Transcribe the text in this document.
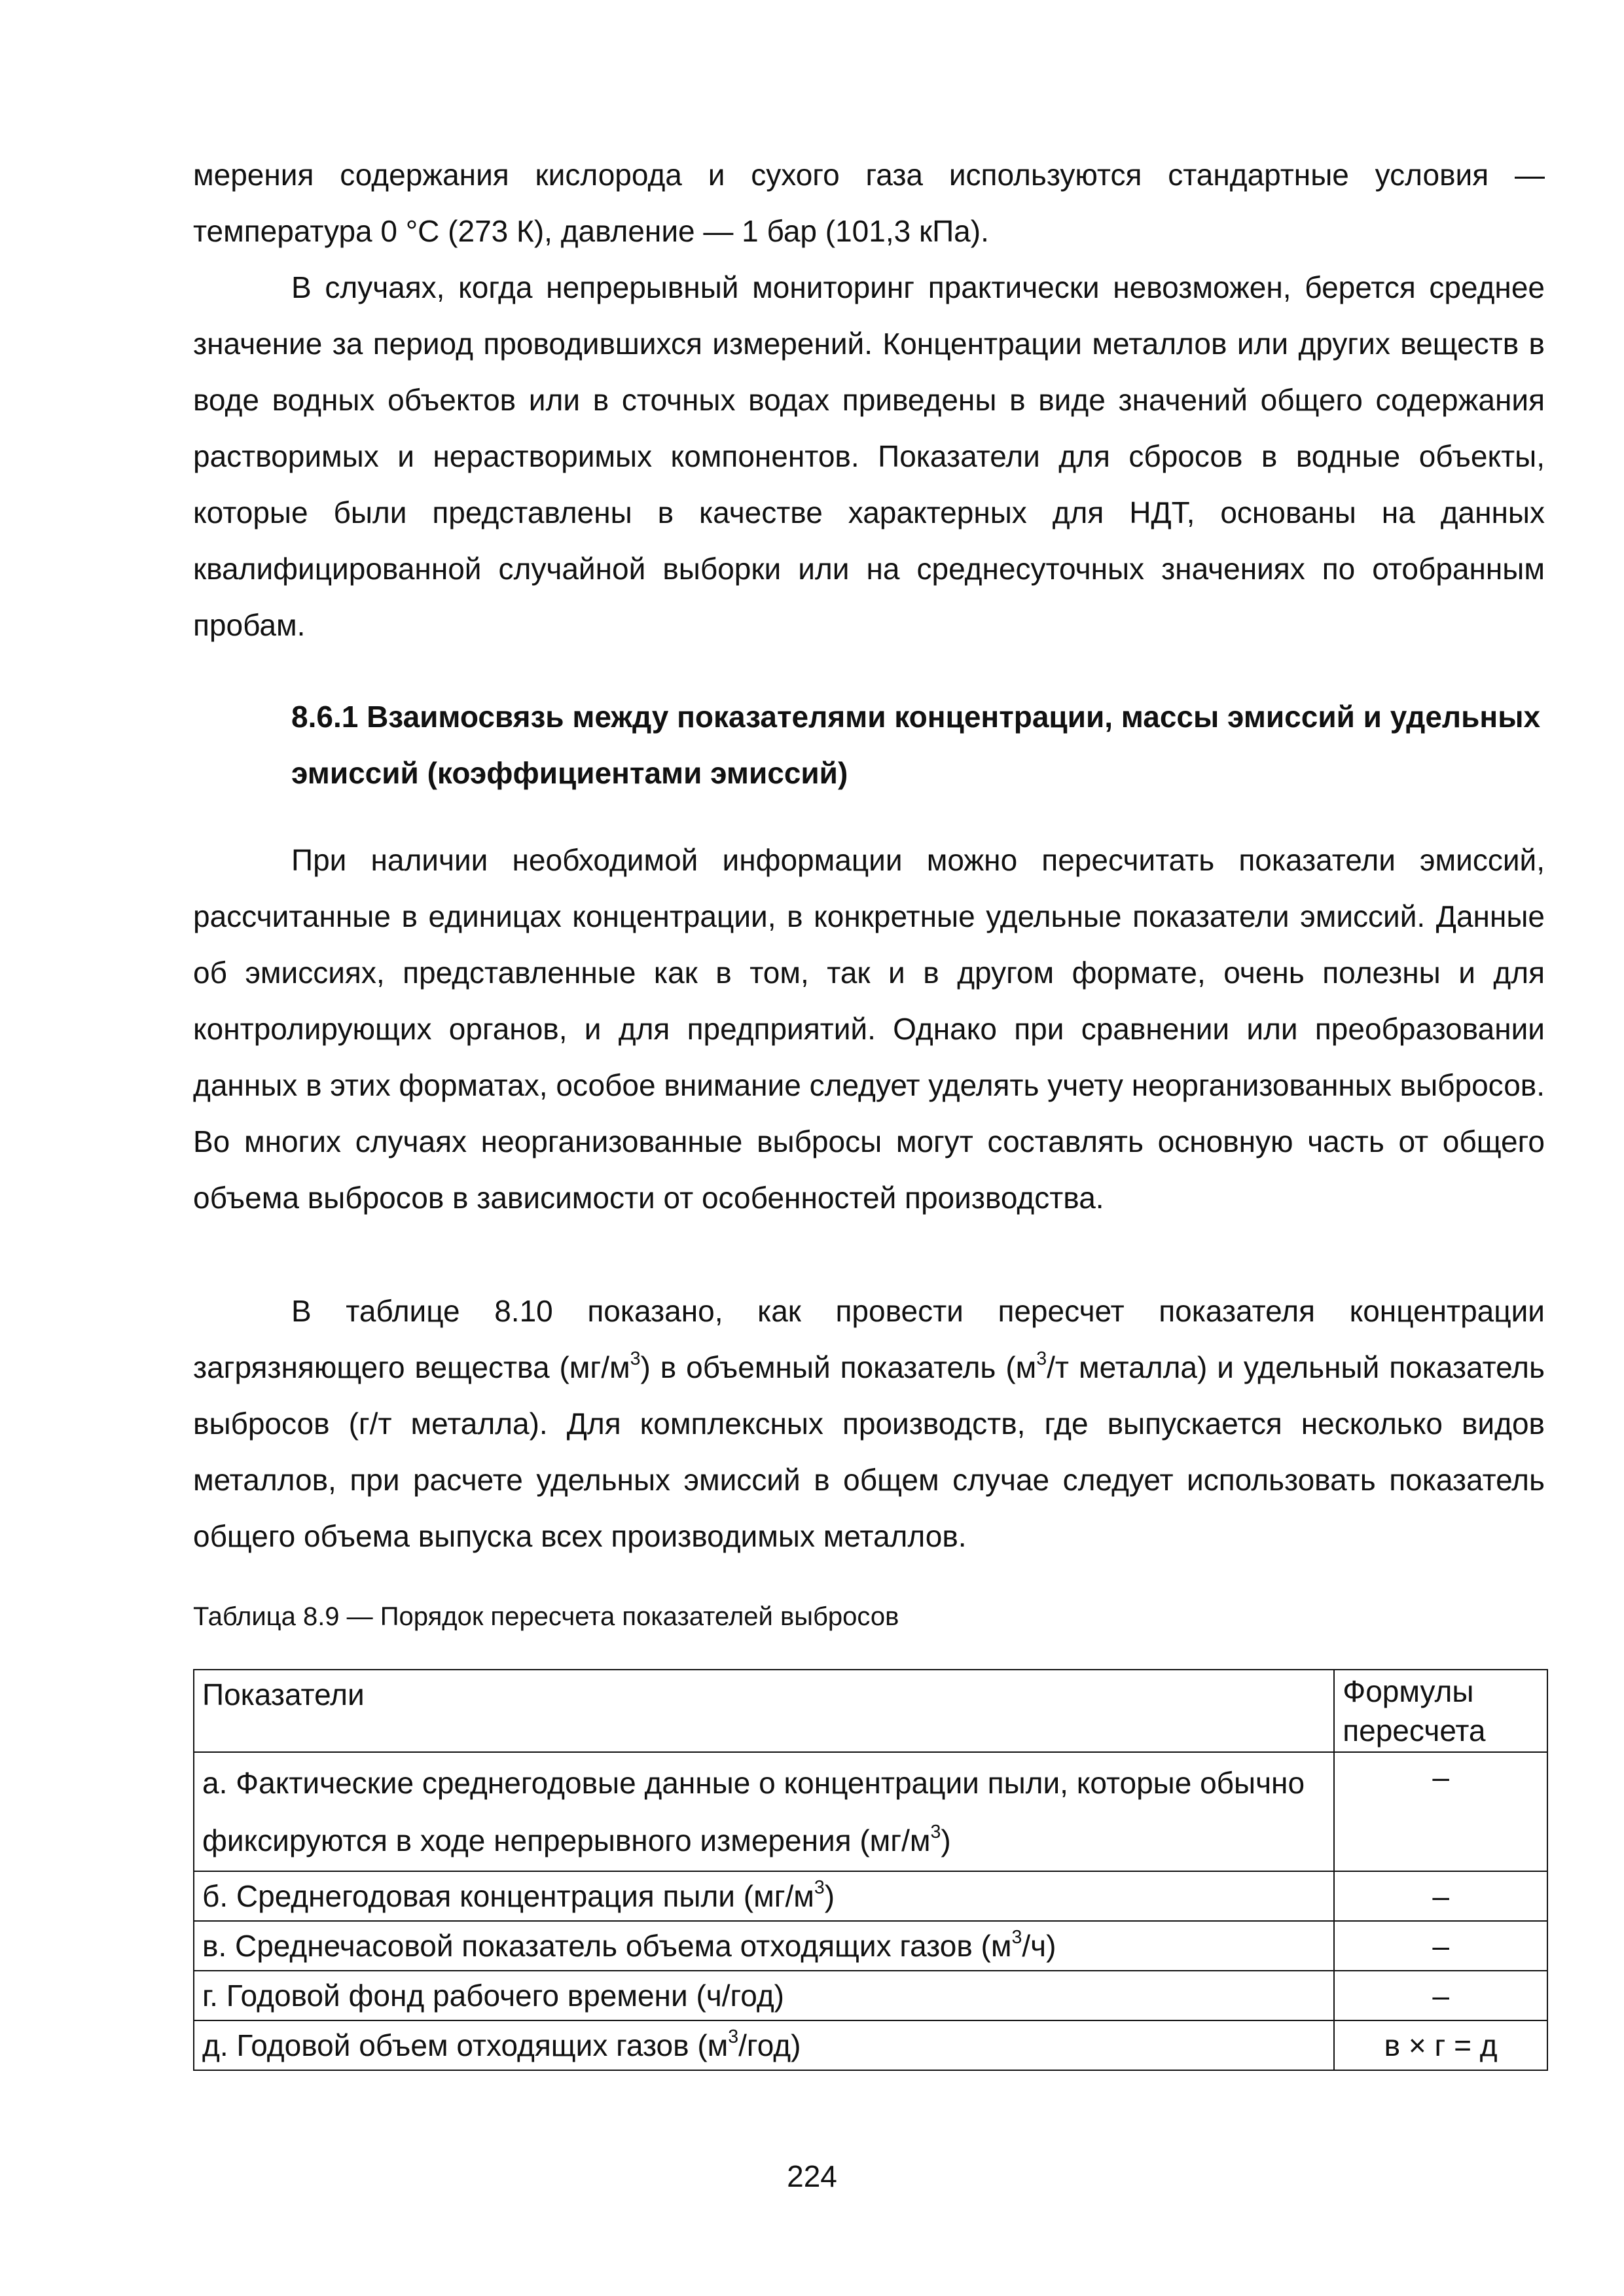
мерения содержания кислорода и сухого газа используются стандартные условия — температура 0 °C (273 К), давление — 1 бар (101,3 кПа).

В случаях, когда непрерывный мониторинг практически невозможен, берется среднее значение за период проводившихся измерений. Концентрации металлов или других веществ в воде водных объектов или в сточных водах приведены в виде значений общего содержания растворимых и нерастворимых компонентов. Показатели для сбросов в водные объекты, которые были представлены в качестве характерных для НДТ, основаны на данных квалифицированной случайной выборки или на среднесуточных значениях по отобранным пробам.

8.6.1 Взаимосвязь между показателями концентрации, массы эмиссий и удельных эмиссий (коэффициентами эмиссий)

При наличии необходимой информации можно пересчитать показатели эмиссий, рассчитанные в единицах концентрации, в конкретные удельные показатели эмиссий. Данные об эмиссиях, представленные как в том, так и в другом формате, очень полезны и для контролирующих органов, и для предприятий. Однако при сравнении или преобразовании данных в этих форматах, особое внимание следует уделять учету неорганизованных выбросов. Во многих случаях неорганизованные выбросы могут составлять основную часть от общего объема выбросов в зависимости от особенностей производства.

В таблице 8.10 показано, как провести пересчет показателя концентрации загрязняющего вещества $(мг/м^3)$ в объемный показатель ($м^3/т$ металла) и удельный показатель выбросов (г/т металла). Для комплексных производств, где выпускается несколько видов металлов, при расчете удельных эмиссий в общем случае следует использовать показатель общего объема выпуска всех производимых металлов.

Таблица 8.9 — Порядок пересчета показателей выбросов
Показатели	Формулы пересчета
а. Фактические среднегодовые данные о концентрации пыли, которые обычно фиксируются в ходе непрерывного измерения $(мг/м^3)$	–
б. Среднегодовая концентрация пыли $(мг/м^3)$	–
в. Среднечасовой показатель объема отходящих газов $(м^3/ч)$	–
г. Годовой фонд рабочего времени (ч/год)	–
д. Годовой объем отходящих газов $(м^3/год)$	в × г = д
224
